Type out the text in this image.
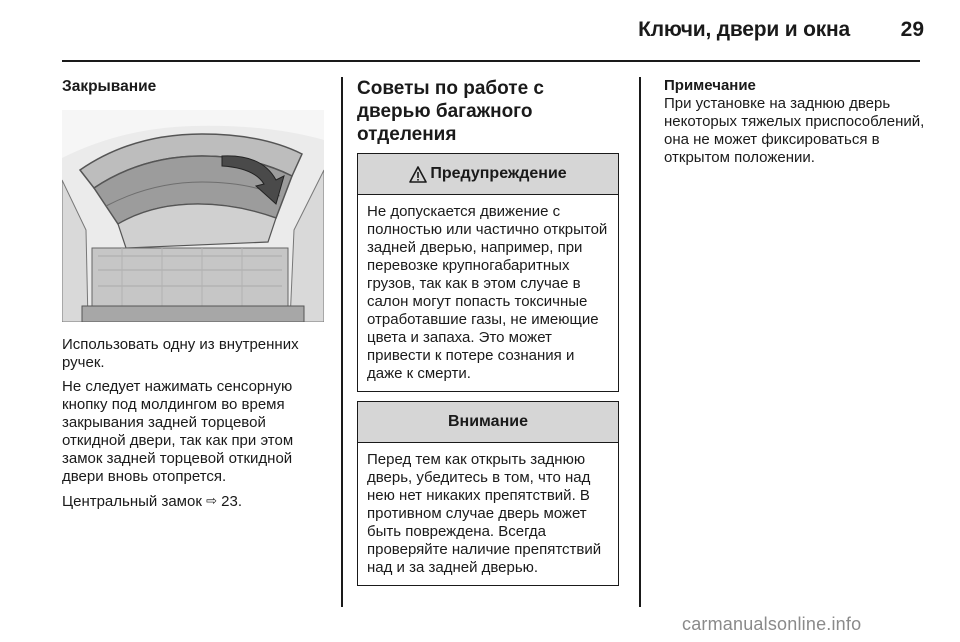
Ключи, двери и окна	29
Закрывание

Использовать одну из внутренних ручек.

Не следует нажимать сенсорную кнопку под молдингом во время закрывания задней торцевой откидной двери, так как при этом замок задней торцевой откидной двери вновь отопрется.

Центральный замок ⇨ 23.

Советы по работе с дверью багажного отделения
Предупреждение

Не допускается движение с полностью или частично открытой задней дверью, например, при перевозке крупногабаритных грузов, так как в этом случае в салон могут попасть токсичные отработавшие газы, не имеющие цвета и запаха. Это может привести к потере сознания и даже к смерти.

Внимание

Перед тем как открыть заднюю дверь, убедитесь в том, что над нею нет никаких препятствий. В противном случае дверь может быть повреждена. Всегда проверяйте наличие препятствий над и за задней дверью.

Примечание

При установке на заднюю дверь некоторых тяжелых приспособлений, она не может фиксироваться в открытом положении.

carmanualsonline.info
